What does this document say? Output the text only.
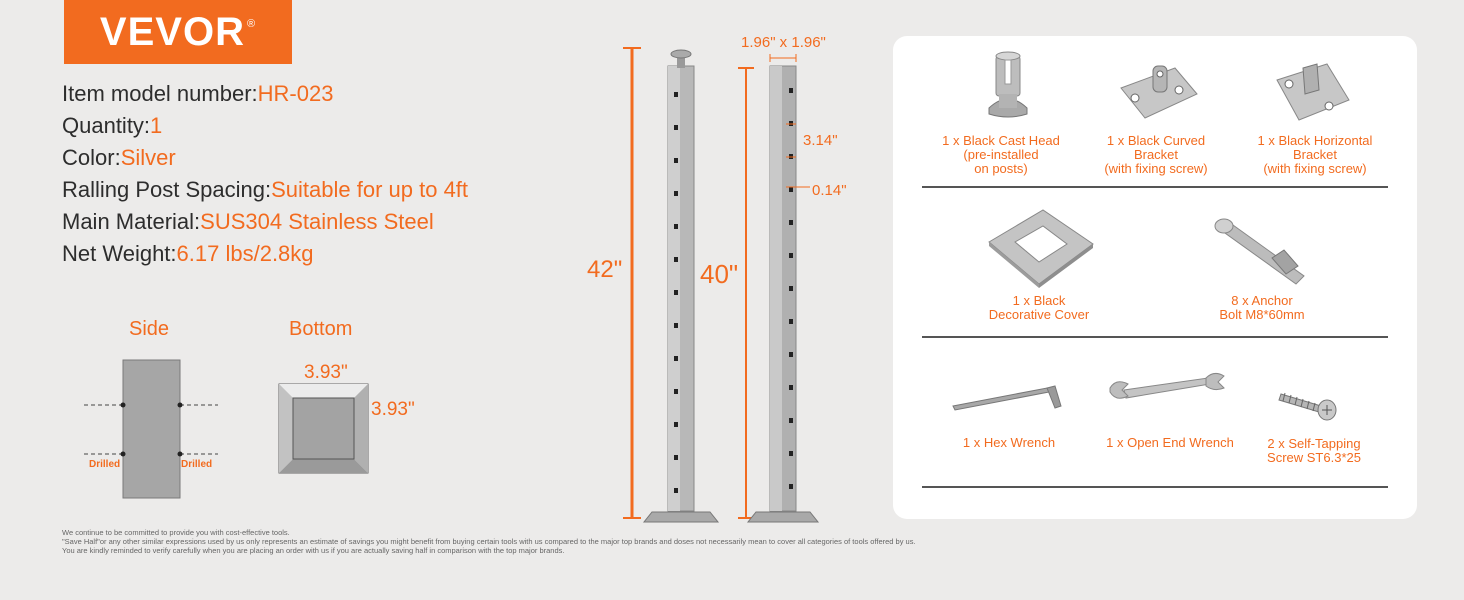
VEVOR®
Item model number:HR-023
Quantity:1
Color:Silver
Ralling Post Spacing:Suitable for up to 4ft
Main Material:SUS304 Stainless Steel
Net Weight:6.17 lbs/2.8kg
Side	Bottom
Drilled	Drilled
3.93"
3.93"
1.96" x 1.96"
3.14"
0.14"
42"	40"
1 x Black Cast Head
(pre-installed
on posts)
1 x Black Curved
Bracket
(with fixing screw)
1 x Black Horizontal
Bracket
(with fixing screw)
1 x Black
Decorative Cover
8 x Anchor
Bolt M8*60mm
1 x Hex Wrench	1 x Open End Wrench	2 x Self-Tapping
Screw ST6.3*25
We continue to be committed to provide you with cost-effective tools.
"Save Half"or any other similar expressions used by us only represents an estimate of savings you might benefit from buying certain tools with us compared to the major top brands and doses not necessarily mean to cover all categories of tools offered by us.
You are kindly reminded to verify carefully when you are placing an order with us if you are actually saving half in comparison with the top major brands.
